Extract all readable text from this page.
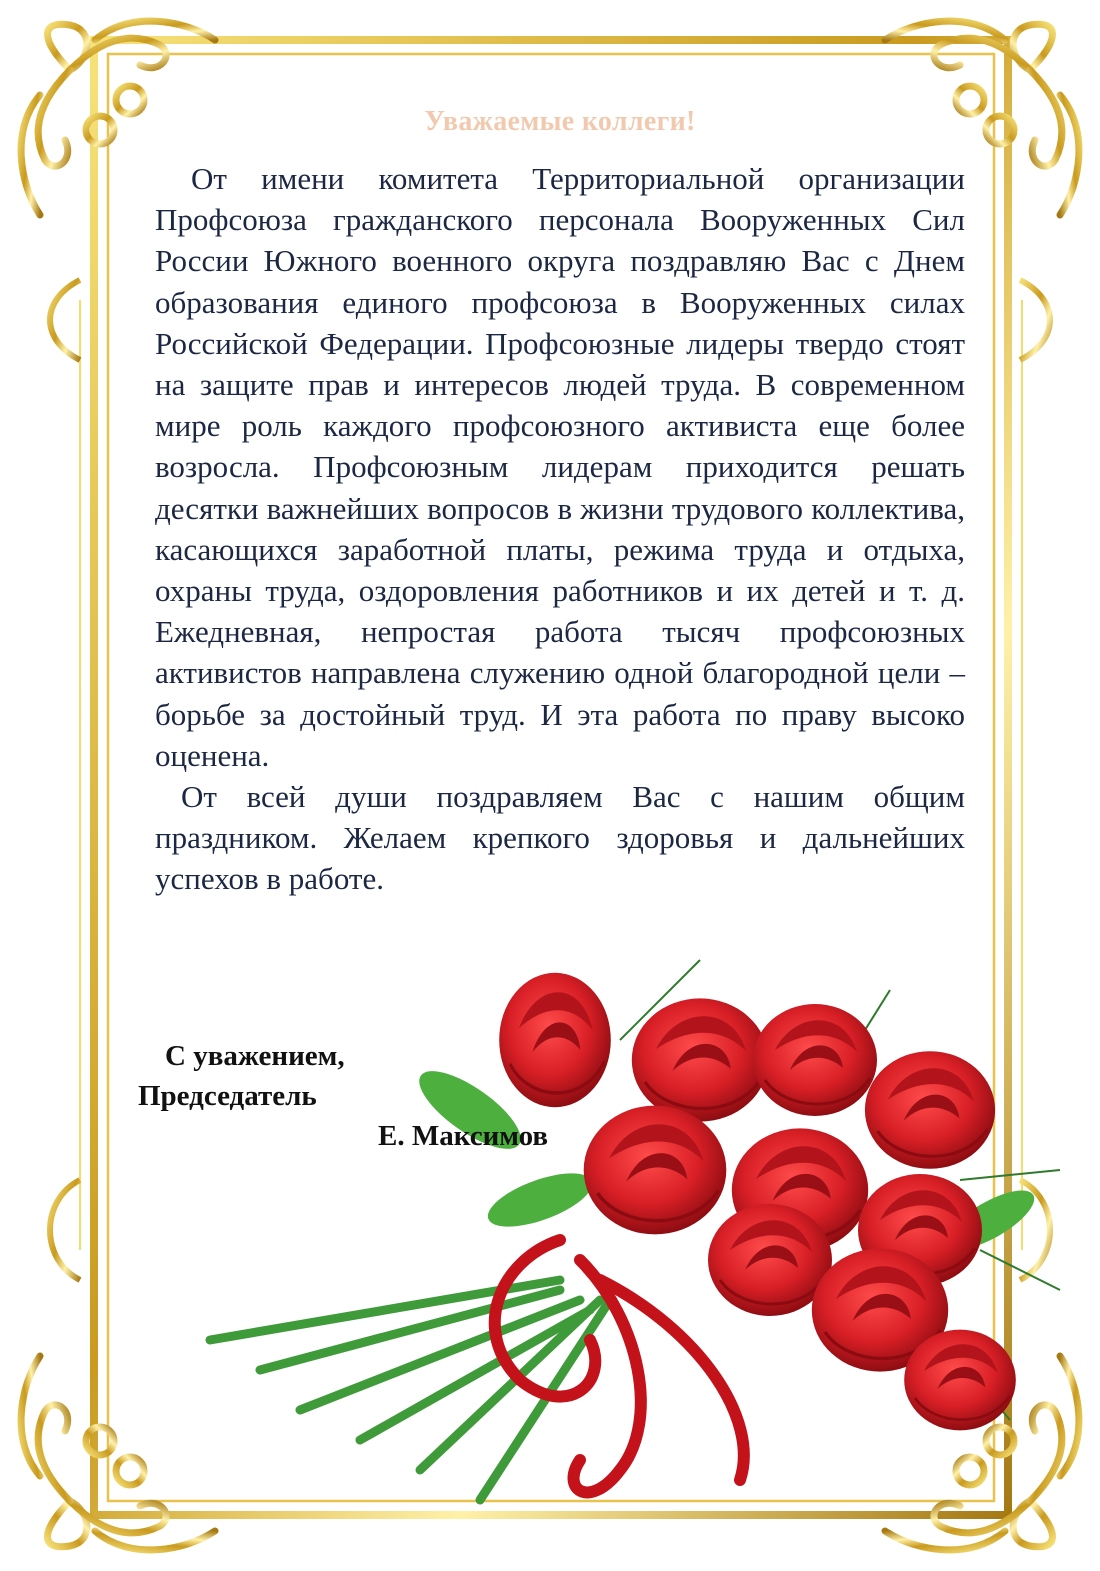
Уважаемые коллеги!

От имени комитета Территориальной организации Профсоюза гражданского персонала Вооруженных Сил России Южного военного округа поздравляю Вас с Днем образования единого профсоюза в Вооруженных силах Российской Федерации. Профсоюзные лидеры твердо стоят на защите прав и интересов людей труда. В современном мире роль каждого профсоюзного активиста еще более возросла. Профсоюзным лидерам приходится решать десятки важнейших вопросов в жизни трудового коллектива, касающихся заработной платы, режима труда и отдыха, охраны труда, оздоровления работников и их детей и т. д. Ежедневная, непростая работа тысяч профсоюзных активистов направлена служению одной благородной цели – борьбе за достойный труд. И эта работа по праву высоко оценена.

От всей души поздравляем Вас с нашим общим праздником. Желаем крепкого здоровья и дальнейших успехов в работе.

С уважением,
Председатель
Е. Максимов
